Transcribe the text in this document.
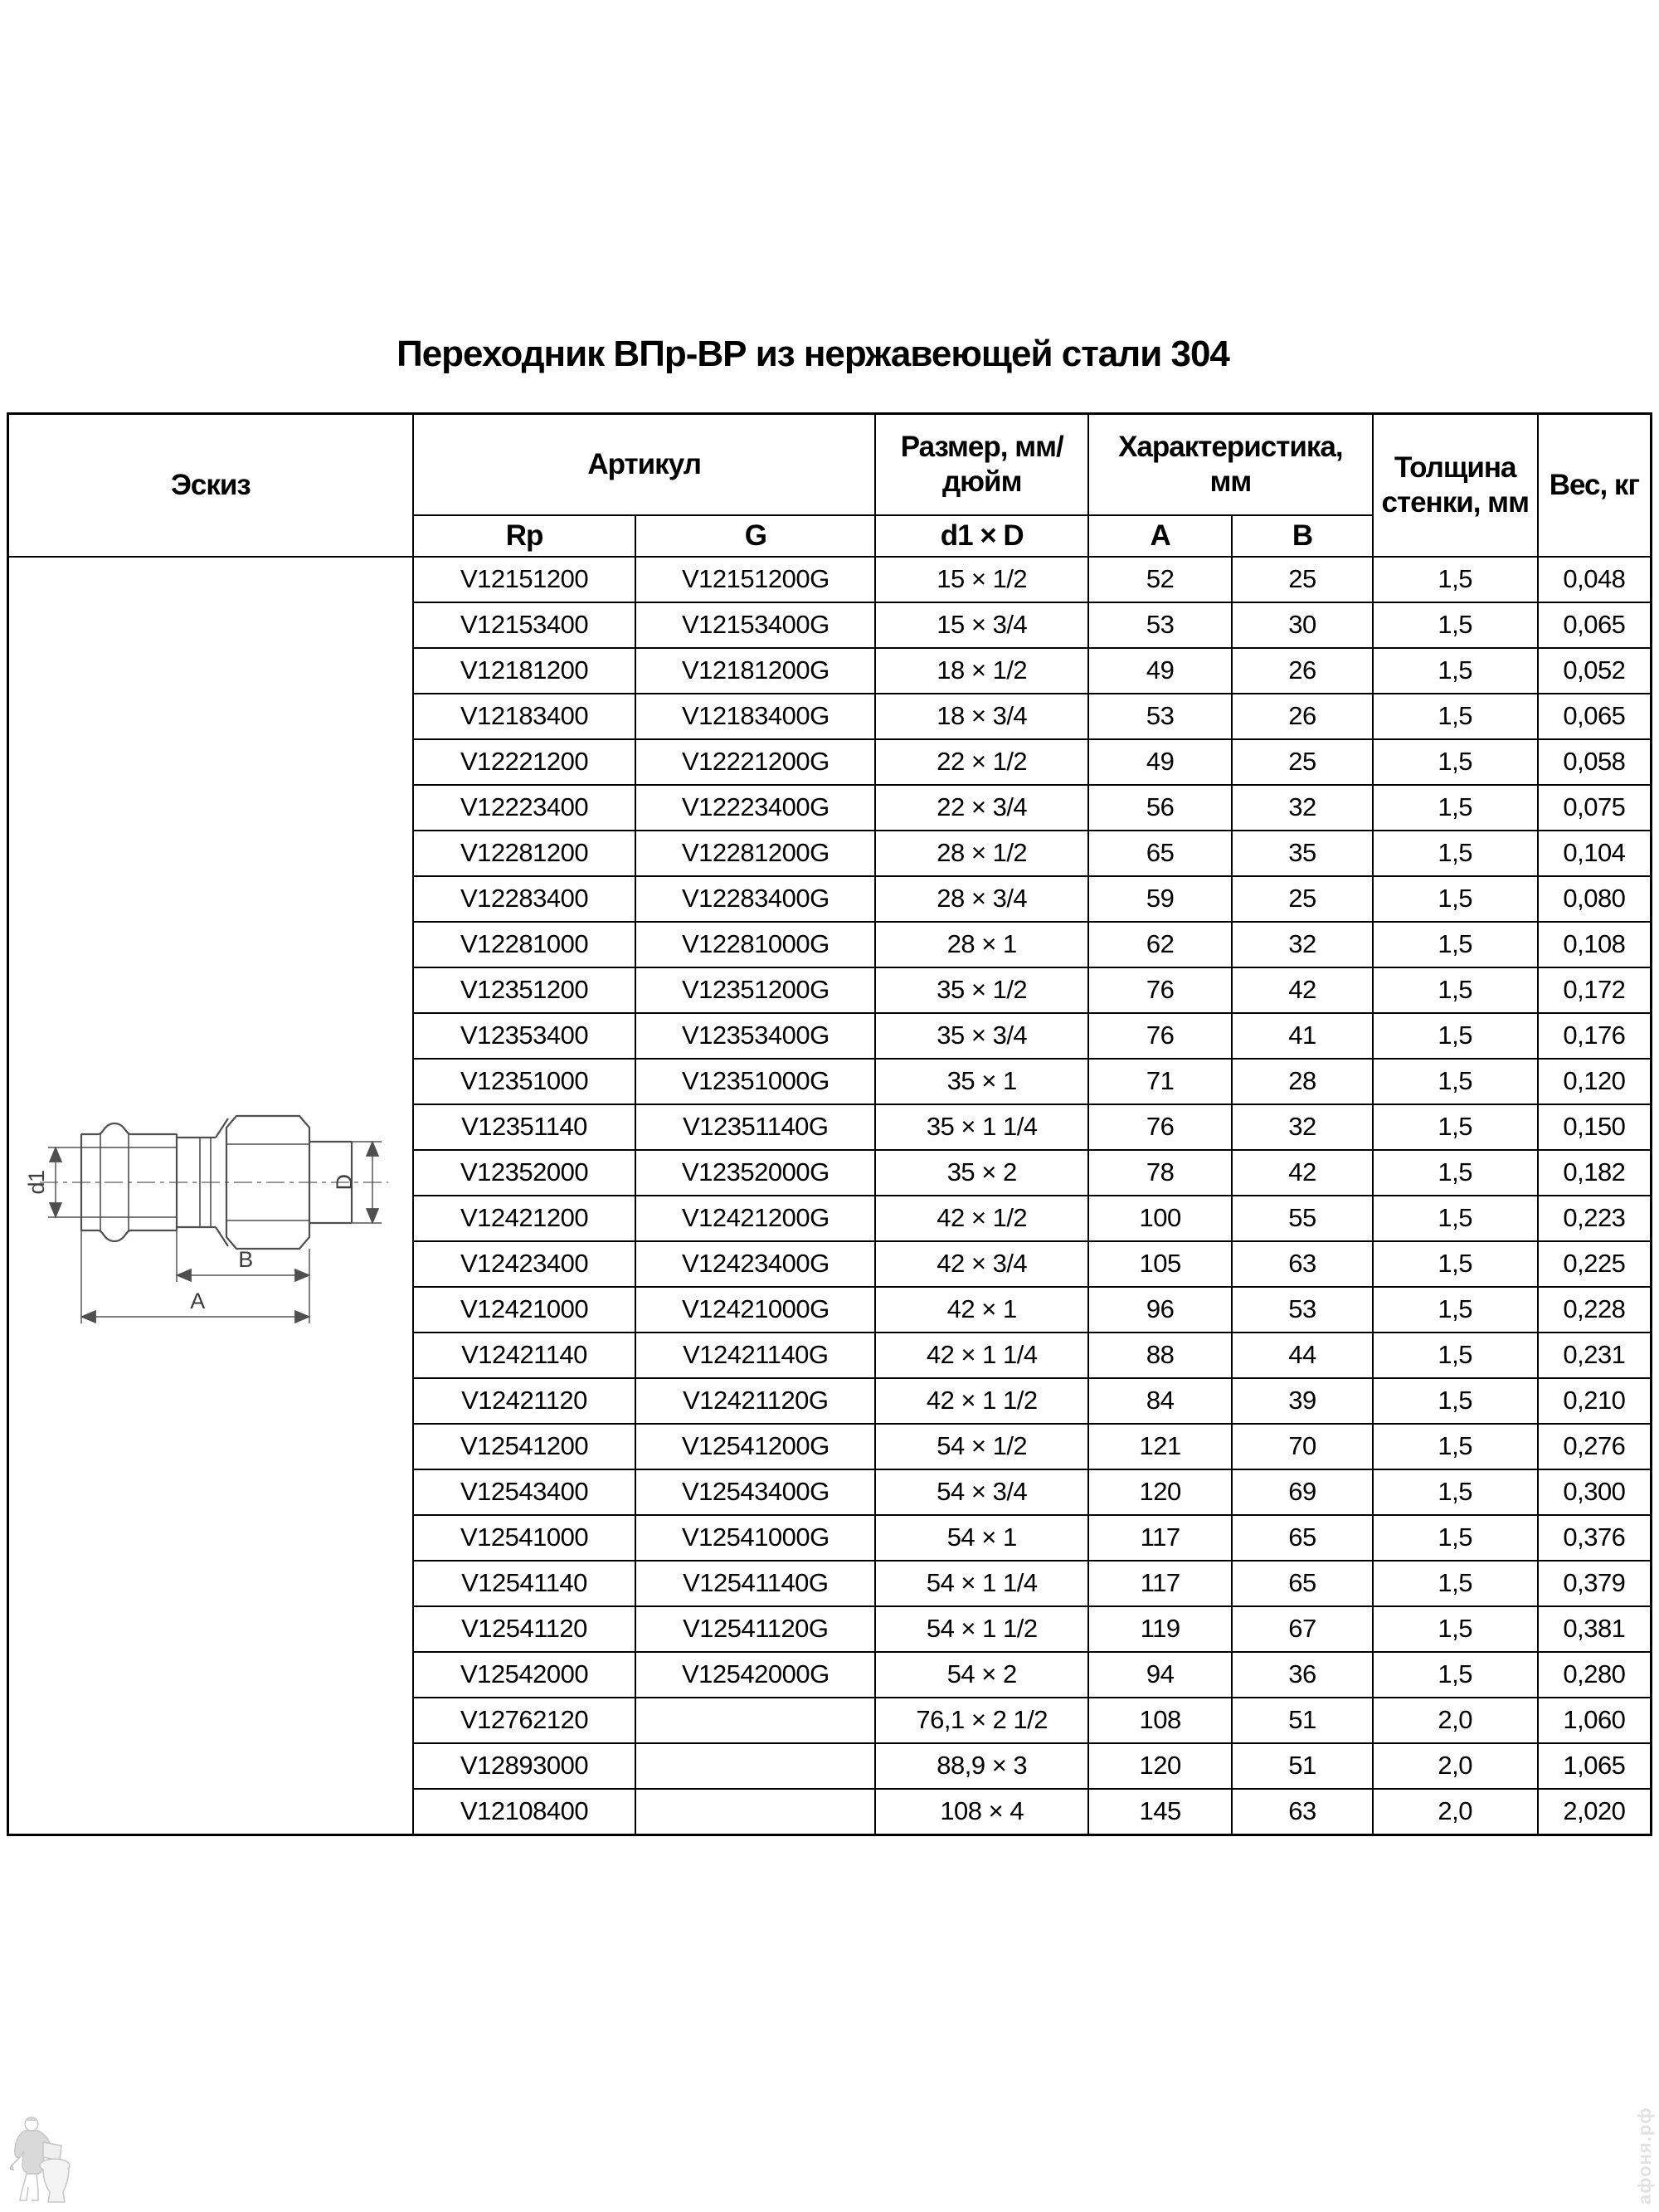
Переходник ВПр-ВР из нержавеющей стали 304
Эскиз	Артикул		Размер, мм/дюйм	Характеристика, мм		Толщина стенки, мм	Вес, кг
	Rp	G	d1 × D	A	B		

d1 D
B
A	V12151200	V12151200G	15 × 1/2	52	25	1,5	0,048
	V12153400	V12153400G	15 × 3/4	53	30	1,5	0,065
	V12181200	V12181200G	18 × 1/2	49	26	1,5	0,052
	V12183400	V12183400G	18 × 3/4	53	26	1,5	0,065
	V12221200	V12221200G	22 × 1/2	49	25	1,5	0,058
	V12223400	V12223400G	22 × 3/4	56	32	1,5	0,075
	V12281200	V12281200G	28 × 1/2	65	35	1,5	0,104
	V12283400	V12283400G	28 × 3/4	59	25	1,5	0,080
	V12281000	V12281000G	28 × 1	62	32	1,5	0,108
	V12351200	V12351200G	35 × 1/2	76	42	1,5	0,172
	V12353400	V12353400G	35 × 3/4	76	41	1,5	0,176
	V12351000	V12351000G	35 × 1	71	28	1,5	0,120
	V12351140	V12351140G	35 × 1 1/4	76	32	1,5	0,150
	V12352000	V12352000G	35 × 2	78	42	1,5	0,182
	V12421200	V12421200G	42 × 1/2	100	55	1,5	0,223
	V12423400	V12423400G	42 × 3/4	105	63	1,5	0,225
	V12421000	V12421000G	42 × 1	96	53	1,5	0,228
	V12421140	V12421140G	42 × 1 1/4	88	44	1,5	0,231
	V12421120	V12421120G	42 × 1 1/2	84	39	1,5	0,210
	V12541200	V12541200G	54 × 1/2	121	70	1,5	0,276
	V12543400	V12543400G	54 × 3/4	120	69	1,5	0,300
	V12541000	V12541000G	54 × 1	117	65	1,5	0,376
	V12541140	V12541140G	54 × 1 1/4	117	65	1,5	0,379
	V12541120	V12541120G	54 × 1 1/2	119	67	1,5	0,381
	V12542000	V12542000G	54 × 2	94	36	1,5	0,280
	V12762120		76,1 × 2 1/2	108	51	2,0	1,060
	V12893000		88,9 × 3	120	51	2,0	1,065
	V12108400		108 × 4	145	63	2,0	2,020
афоня.рф
